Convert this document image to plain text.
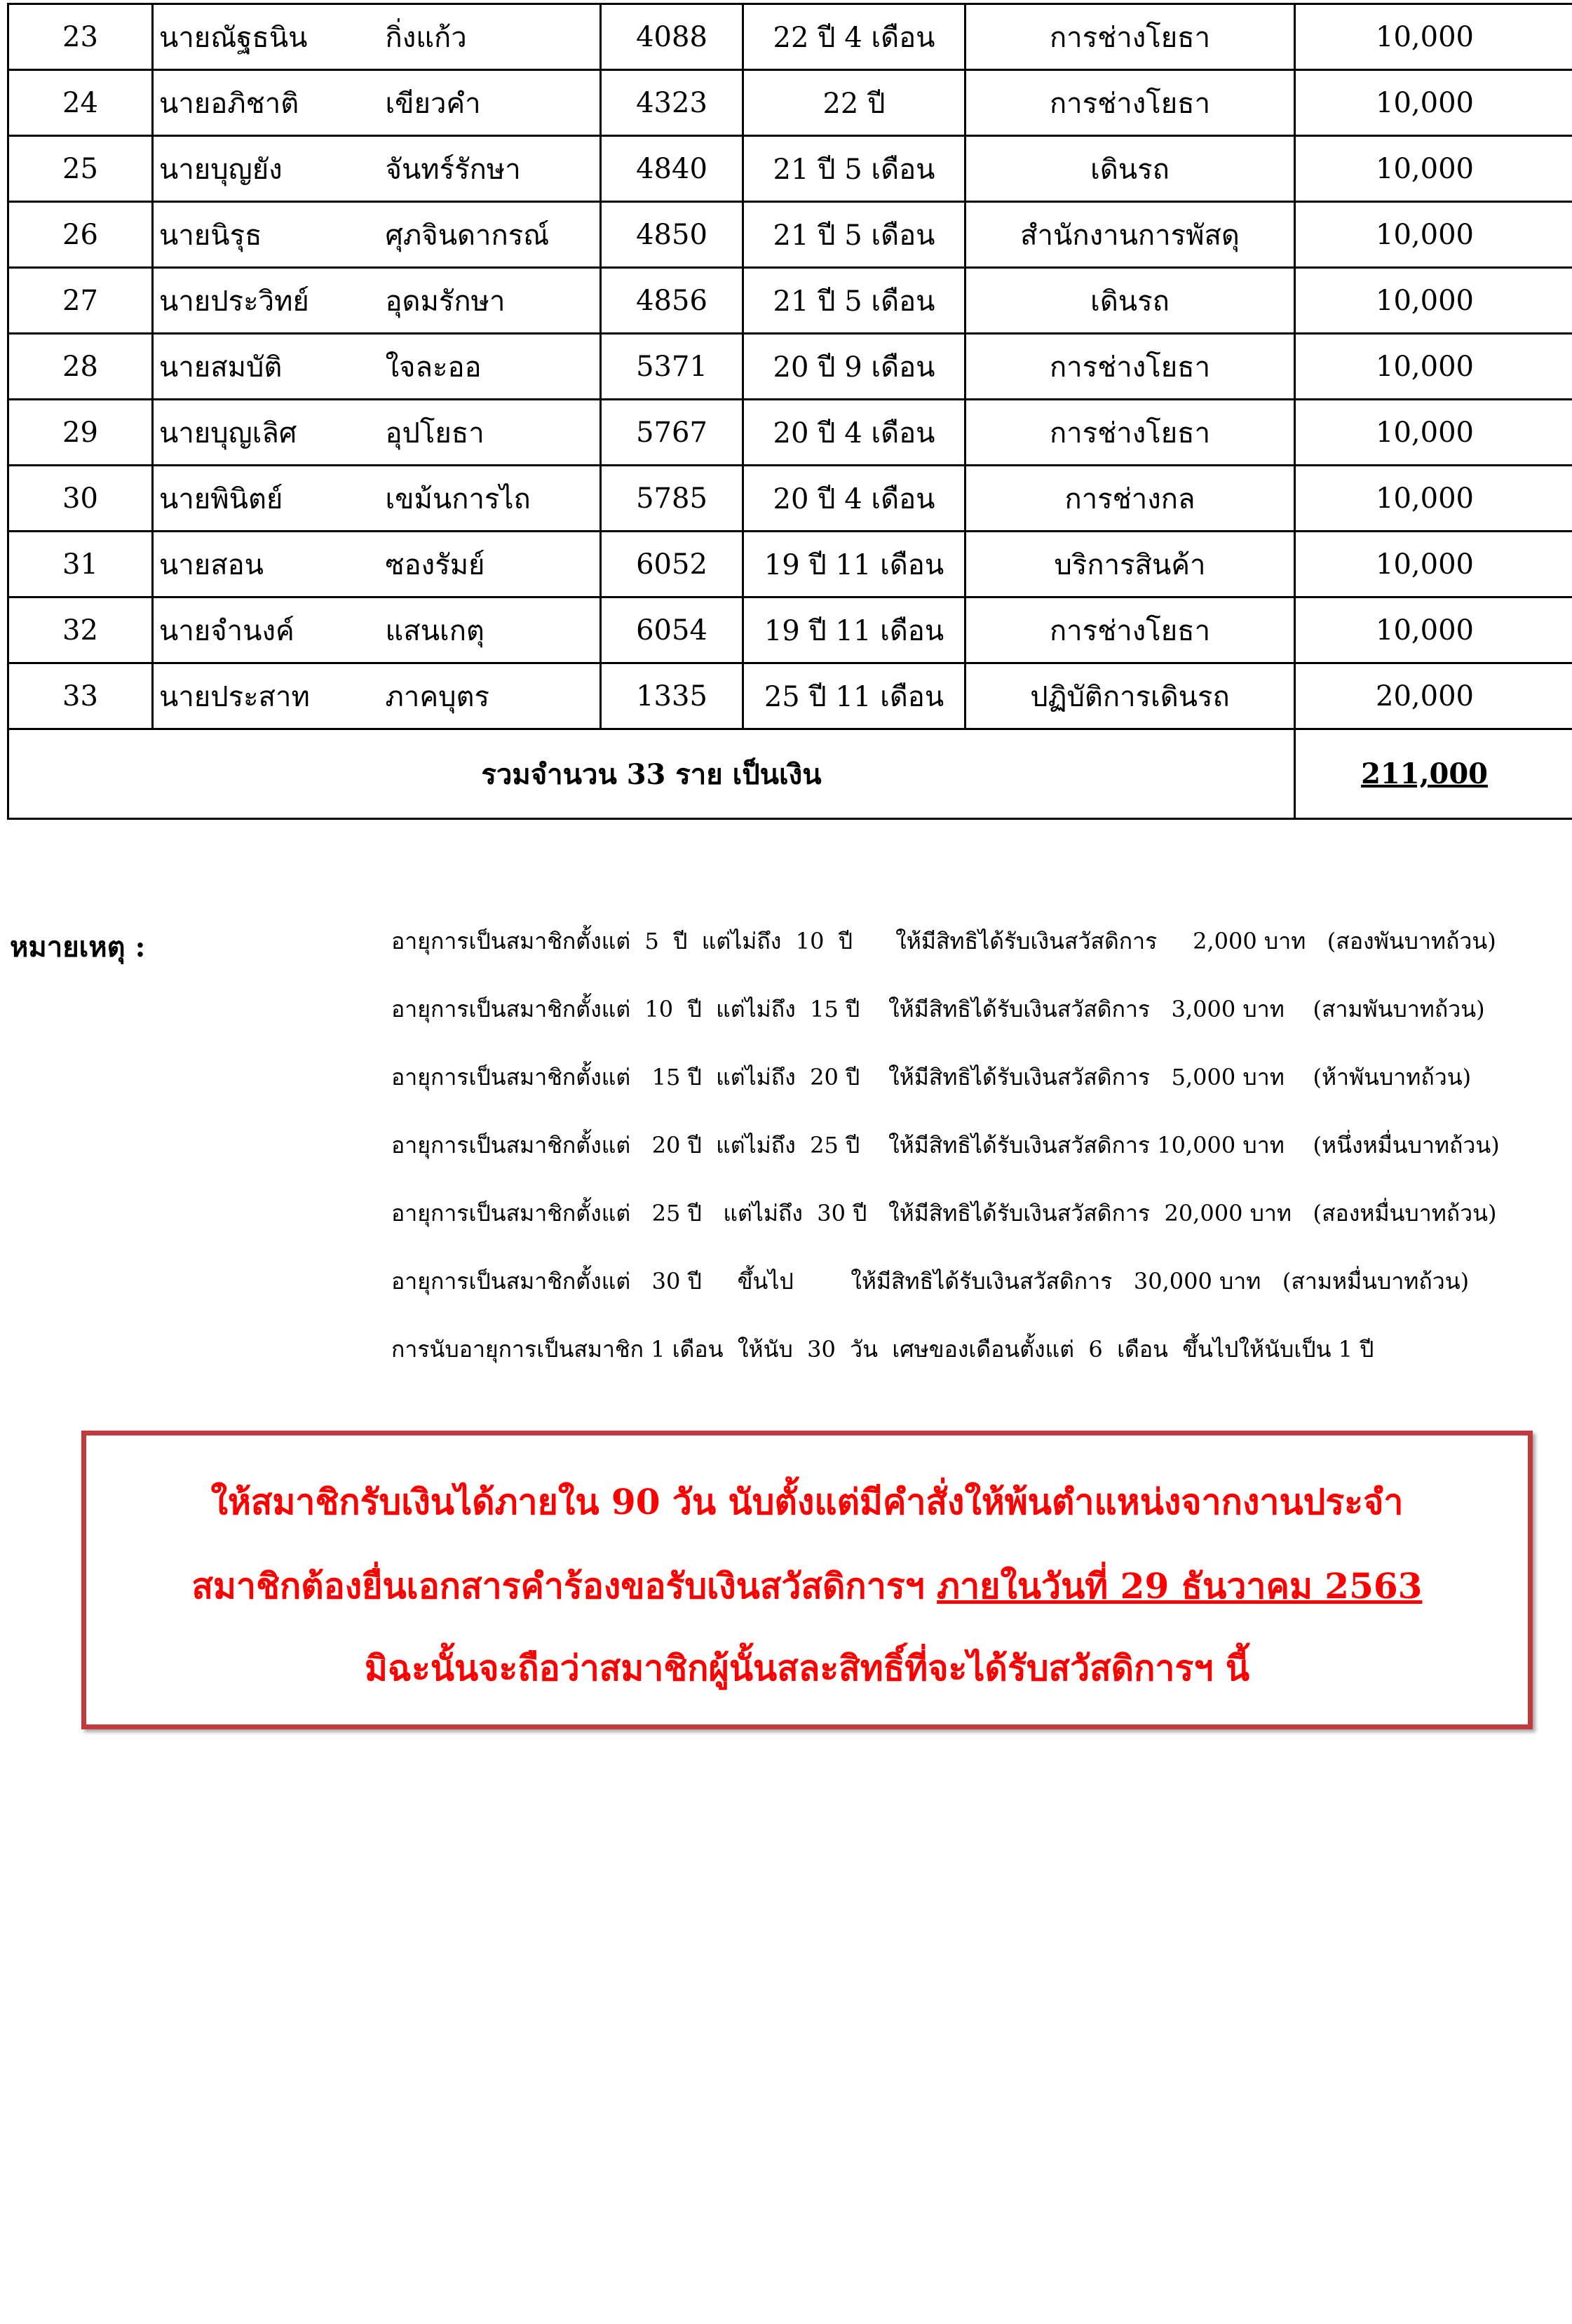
23	นายณัฐธนิน	กิ่งแก้ว	4088	22 ปี 4 เดือน	การช่างโยธา	10,000
24	นายอภิชาติ	เขียวคำ	4323	22 ปี	การช่างโยธา	10,000
25	นายบุญยัง	จันทร์รักษา	4840	21 ปี 5 เดือน	เดินรถ	10,000
26	นายนิรุธ	ศุภจินดากรณ์	4850	21 ปี 5 เดือน	สำนักงานการพัสดุ	10,000
27	นายประวิทย์	อุดมรักษา	4856	21 ปี 5 เดือน	เดินรถ	10,000
28	นายสมบัติ	ใจละออ	5371	20 ปี 9 เดือน	การช่างโยธา	10,000
29	นายบุญเลิศ	อุปโยธา	5767	20 ปี 4 เดือน	การช่างโยธา	10,000
30	นายพินิตย์	เขม้นการไถ	5785	20 ปี 4 เดือน	การช่างกล	10,000
31	นายสอน	ซองรัมย์	6052	19 ปี 11 เดือน	บริการสินค้า	10,000
32	นายจำนงค์	แสนเกตุ	6054	19 ปี 11 เดือน	การช่างโยธา	10,000
33	นายประสาท	ภาคบุตร	1335	25 ปี 11 เดือน	ปฏิบัติการเดินรถ	20,000
รวมจำนวน 33 ราย เป็นเงิน						211,000
หมายเหตุ :	อายุการเป็นสมาชิกตั้งแต่  5  ปี  แต่ไม่ถึง  10  ปี      ให้มีสิทธิได้รับเงินสวัสดิการ     2,000 บาท   (สองพันบาทถ้วน)
อายุการเป็นสมาชิกตั้งแต่  10  ปี  แต่ไม่ถึง  15 ปี    ให้มีสิทธิได้รับเงินสวัสดิการ   3,000 บาท    (สามพันบาทถ้วน)
อายุการเป็นสมาชิกตั้งแต่   15 ปี  แต่ไม่ถึง  20 ปี    ให้มีสิทธิได้รับเงินสวัสดิการ   5,000 บาท    (ห้าพันบาทถ้วน)
อายุการเป็นสมาชิกตั้งแต่   20 ปี  แต่ไม่ถึง  25 ปี    ให้มีสิทธิได้รับเงินสวัสดิการ 10,000 บาท    (หนึ่งหมื่นบาทถ้วน)
อายุการเป็นสมาชิกตั้งแต่   25 ปี   แต่ไม่ถึง  30 ปี   ให้มีสิทธิได้รับเงินสวัสดิการ  20,000 บาท   (สองหมื่นบาทถ้วน)
อายุการเป็นสมาชิกตั้งแต่   30 ปี     ขึ้นไป        ให้มีสิทธิได้รับเงินสวัสดิการ   30,000 บาท   (สามหมื่นบาทถ้วน)
การนับอายุการเป็นสมาชิก 1 เดือน  ให้นับ  30  วัน  เศษของเดือนตั้งแต่  6  เดือน  ขึ้นไปให้นับเป็น 1 ปี
ให้สมาชิกรับเงินได้ภายใน 90 วัน นับตั้งแต่มีคำสั่งให้พ้นตำแหน่งจากงานประจำ
สมาชิกต้องยื่นเอกสารคำร้องขอรับเงินสวัสดิการฯ ภายในวันที่ 29 ธันวาคม 2563
มิฉะนั้นจะถือว่าสมาชิกผู้นั้นสละสิทธิ์ที่จะได้รับสวัสดิการฯ นี้
